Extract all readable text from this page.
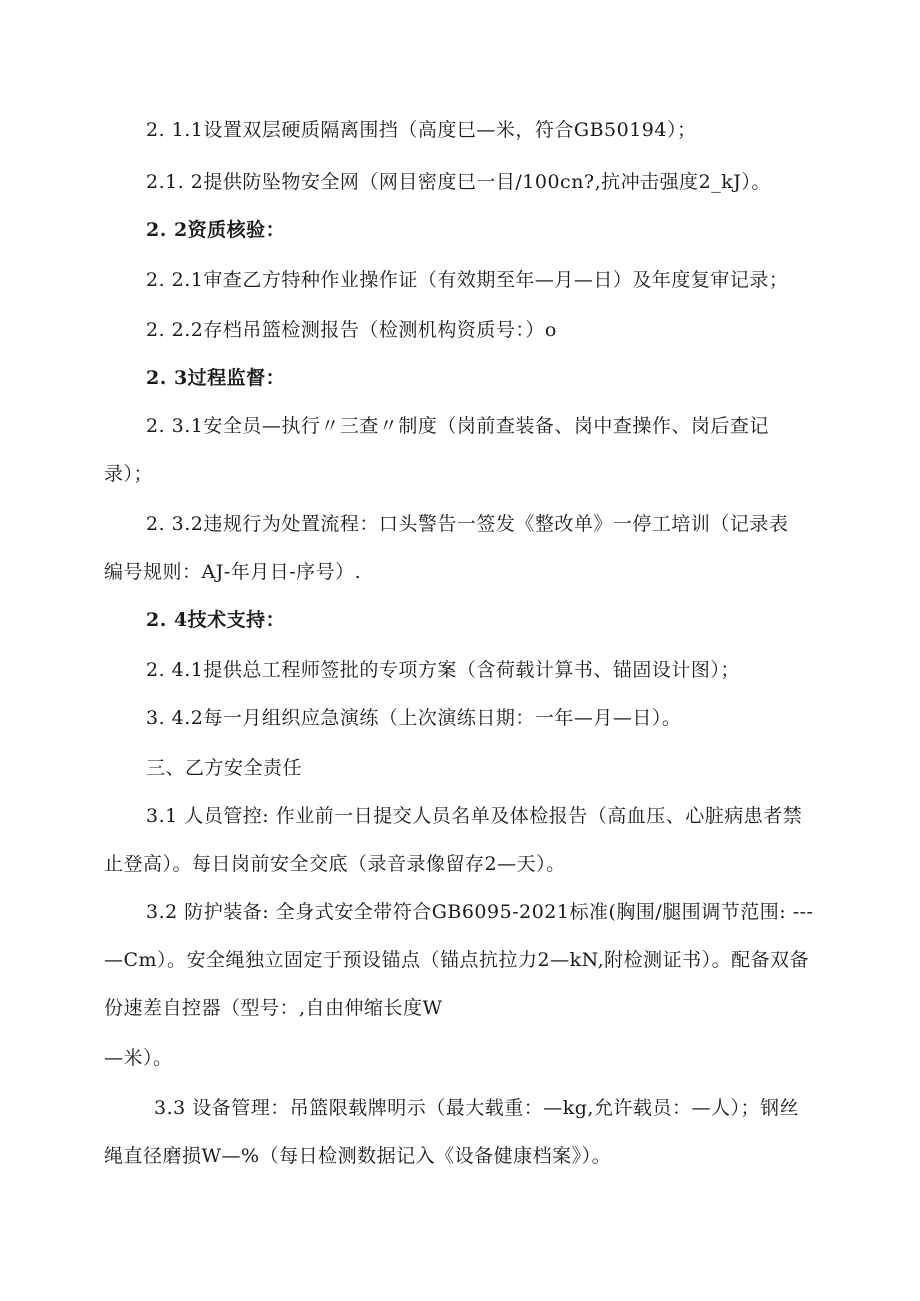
2. 1.1设置双层硬质隔离围挡（高度巳—米，符合GB50194）；
2.1. 2提供防坠物安全网（网目密度巳一目/100cn?,抗冲击强度2_kJ）。
2. 2资质核验：
2. 2.1审查乙方特种作业操作证（有效期至年—月—日）及年度复审记录；
2. 2.2存档吊篮检测报告（检测机构资质号：）o
2. 3过程监督：
2. 3.1安全员—执行〃三查〃制度（岗前查装备、岗中查操作、岗后查记
录）；
2. 3.2违规行为处置流程：口头警告一签发《整改单》一停工培训（记录表
编号规则：AJ-年月日-序号）.
2. 4技术支持：
2. 4.1提供总工程师签批的专项方案（含荷载计算书、锚固设计图）；
3. 4.2每一月组织应急演练（上次演练日期：一年—月—日）。
三、乙方安全责任
3.1 人员管控: 作业前一日提交人员名单及体检报告（高血压、心脏病患者禁
止登高）。每日岗前安全交底（录音录像留存2—天）。
3.2 防护装备: 全身式安全带符合GB6095-2021标准(胸围/腿围调节范围: ---
—Cm）。安全绳独立固定于预设锚点（锚点抗拉力2—kN,附检测证书）。配备双备
份速差自控器（型号：,自由伸缩长度W
—米）。
3.3 设备管理：吊篮限载牌明示（最大载重：—kg,允许载员：—人）；钢丝
绳直径磨损W—%（每日检测数据记入《设备健康档案》）。
